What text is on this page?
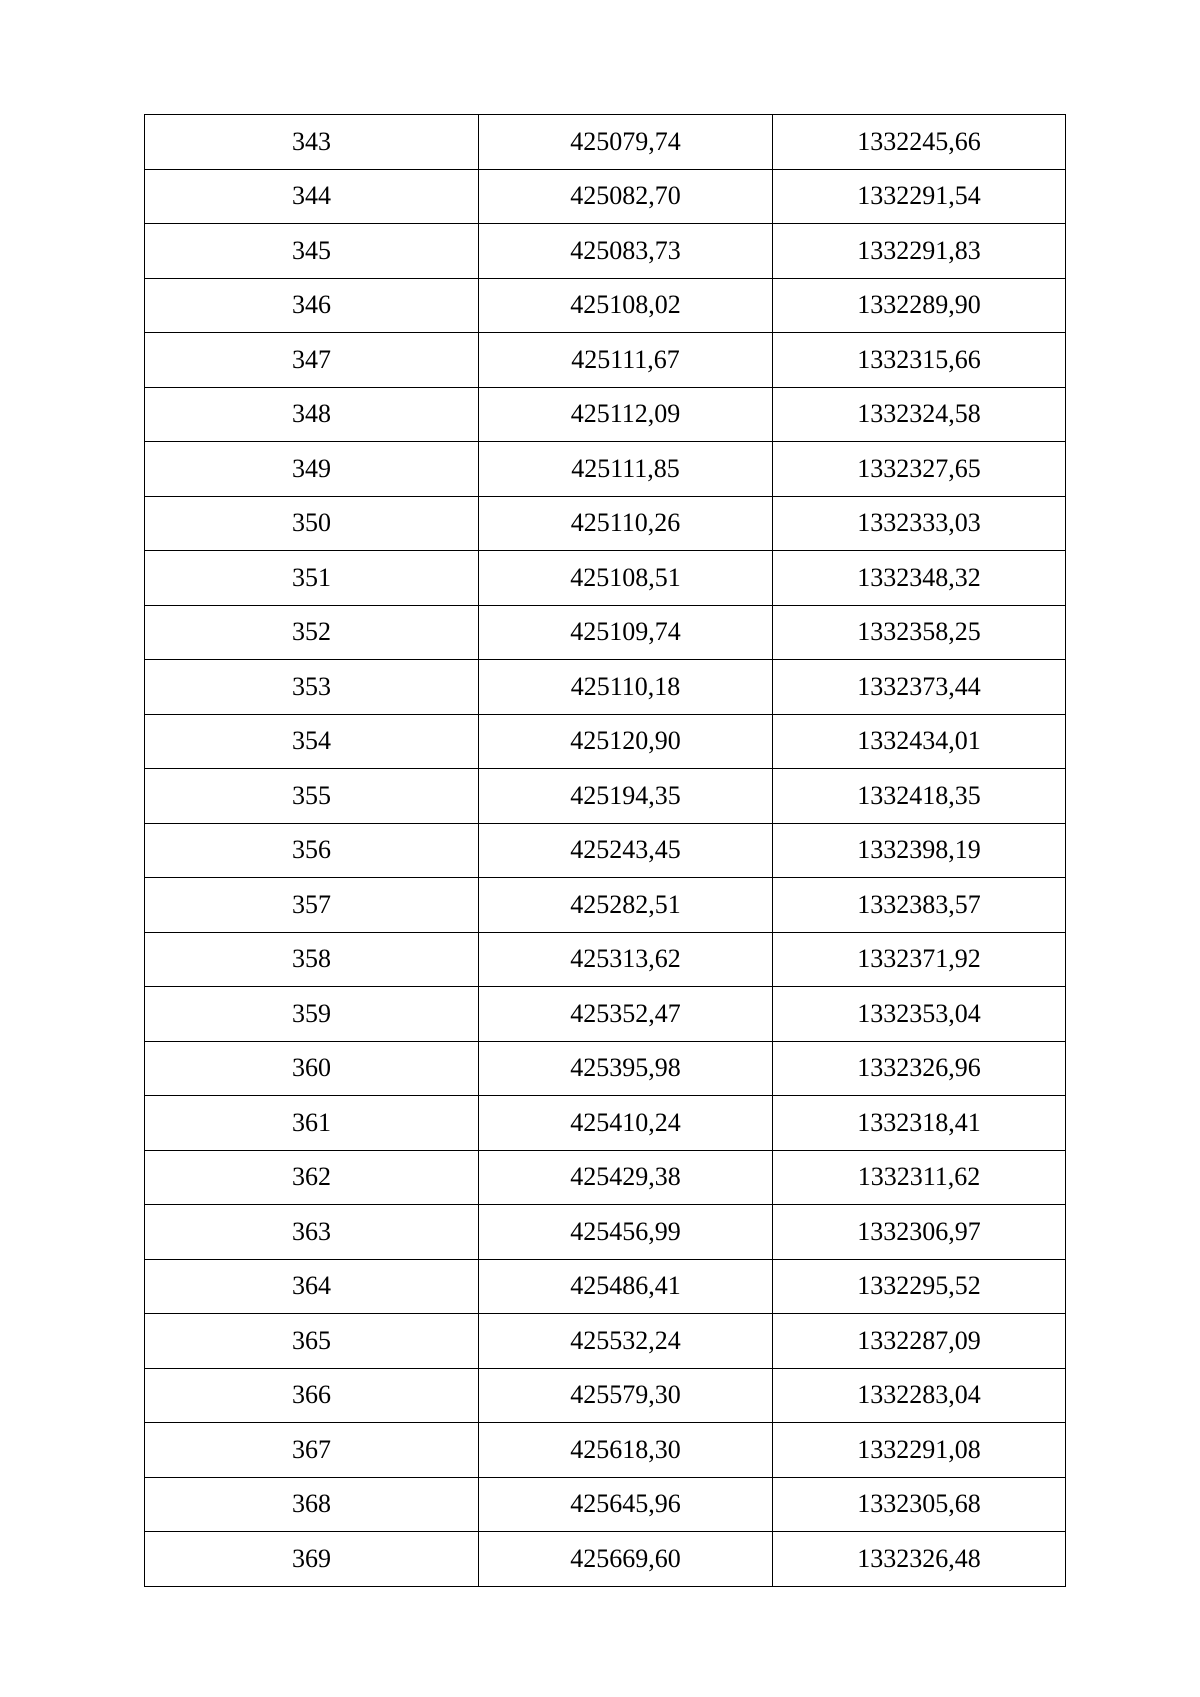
343	425079,74	1332245,66
344	425082,70	1332291,54
345	425083,73	1332291,83
346	425108,02	1332289,90
347	425111,67	1332315,66
348	425112,09	1332324,58
349	425111,85	1332327,65
350	425110,26	1332333,03
351	425108,51	1332348,32
352	425109,74	1332358,25
353	425110,18	1332373,44
354	425120,90	1332434,01
355	425194,35	1332418,35
356	425243,45	1332398,19
357	425282,51	1332383,57
358	425313,62	1332371,92
359	425352,47	1332353,04
360	425395,98	1332326,96
361	425410,24	1332318,41
362	425429,38	1332311,62
363	425456,99	1332306,97
364	425486,41	1332295,52
365	425532,24	1332287,09
366	425579,30	1332283,04
367	425618,30	1332291,08
368	425645,96	1332305,68
369	425669,60	1332326,48
